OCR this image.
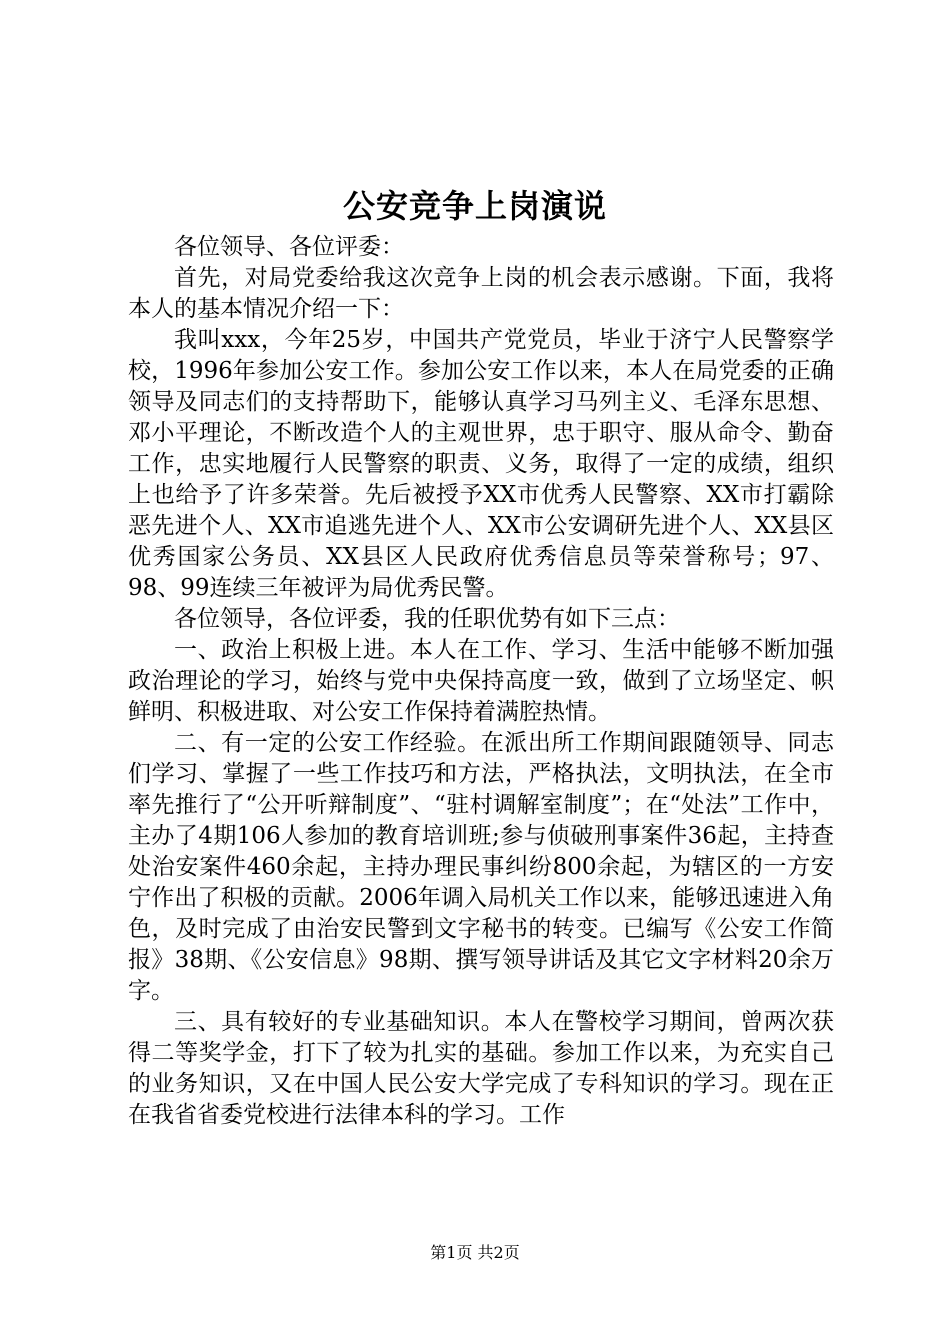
公安竞争上岗演说

各位领导、各位评委：

首先，对局党委给我这次竞争上岗的机会表示感谢。下面，我将本人的基本情况介绍一下：

我叫xxx，今年25岁，中国共产党党员，毕业于济宁人民警察学校，1996年参加公安工作。参加公安工作以来，本人在局党委的正确领导及同志们的支持帮助下，能够认真学习马列主义、毛泽东思想、邓小平理论，不断改造个人的主观世界，忠于职守、服从命令、勤奋工作，忠实地履行人民警察的职责、义务，取得了一定的成绩，组织上也给予了许多荣誉。先后被授予XX市优秀人民警察、XX市打霸除恶先进个人、XX市追逃先进个人、XX市公安调研先进个人、XX县区优秀国家公务员、XX县区人民政府优秀信息员等荣誉称号；97、98、99连续三年被评为局优秀民警。

各位领导，各位评委，我的任职优势有如下三点：

一、政治上积极上进。本人在工作、学习、生活中能够不断加强政治理论的学习，始终与党中央保持高度一致，做到了立场坚定、帜鲜明、积极进取、对公安工作保持着满腔热情。

二、有一定的公安工作经验。在派出所工作期间跟随领导、同志们学习、掌握了一些工作技巧和方法，严格执法，文明执法，在全市率先推行了“公开听辩制度”、“驻村调解室制度”；在“处法”工作中，主办了4期106人参加的教育培训班;参与侦破刑事案件36起，主持查处治安案件460余起，主持办理民事纠纷800余起，为辖区的一方安宁作出了积极的贡献。2006年调入局机关工作以来，能够迅速进入角色，及时完成了由治安民警到文字秘书的转变。已编写《公安工作简报》38期、《公安信息》98期、撰写领导讲话及其它文字材料20余万字。

三、具有较好的专业基础知识。本人在警校学习期间，曾两次获得二等奖学金，打下了较为扎实的基础。参加工作以来，为充实自己的业务知识，又在中国人民公安大学完成了专科知识的学习。现在正在我省省委党校进行法律本科的学习。工作

第1页 共2页
